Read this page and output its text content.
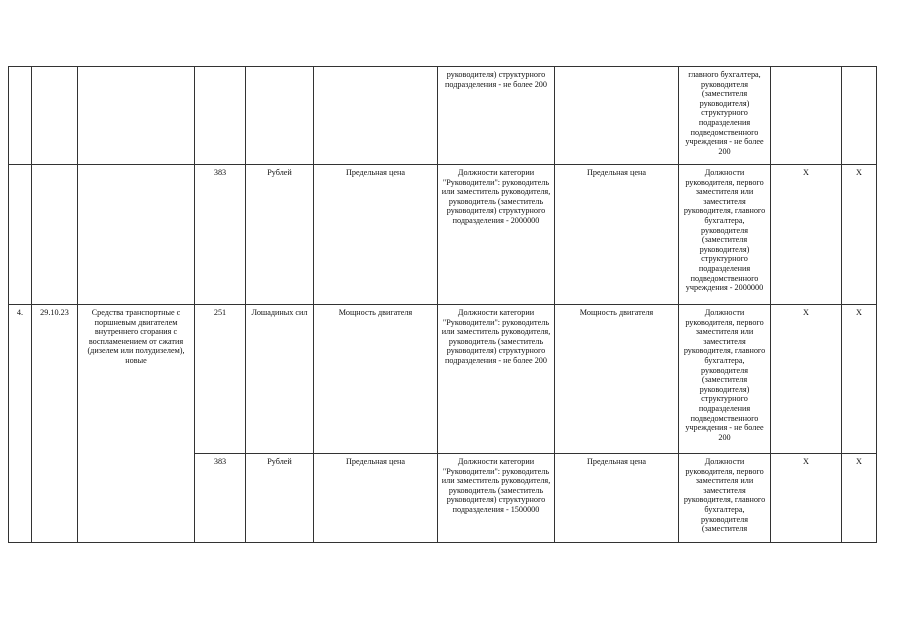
						руководителя) структурного подразделения - не более 200		главного бухгалтера, руководителя (заместителя руководителя) структурного подразделения подведомственного учреждения - не более 200		

			383	Рублей	Предельная цена	Должности категории "Руководители": руководитель или заместитель руководителя, руководитель (заместитель руководителя) структурного подразделения - 2000000	Предельная цена	Должности руководителя, первого заместителя или заместителя руководителя, главного бухгалтера, руководителя (заместителя руководителя) структурного подразделения подведомственного учреждения - 2000000	X	X
4.	29.10.23	Средства транспортные с поршневым двигателем внутреннего сгорания с воспламенением от сжатия (дизелем или полудизелем), новые	251	Лошадиных сил	Мощность двигателя	Должности категории "Руководители": руководитель или заместитель руководителя, руководитель (заместитель руководителя) структурного подразделения - не более 200	Мощность двигателя	Должности руководителя, первого заместителя или заместителя руководителя, главного бухгалтера, руководителя (заместителя руководителя) структурного подразделения подведомственного учреждения - не более 200	X	X
			383	Рублей	Предельная цена	Должности категории "Руководители": руководитель или заместитель руководителя, руководитель (заместитель руководителя) структурного подразделения - 1500000	Предельная цена	Должности руководителя, первого заместителя или заместителя руководителя, главного бухгалтера, руководителя (заместителя	X	X
